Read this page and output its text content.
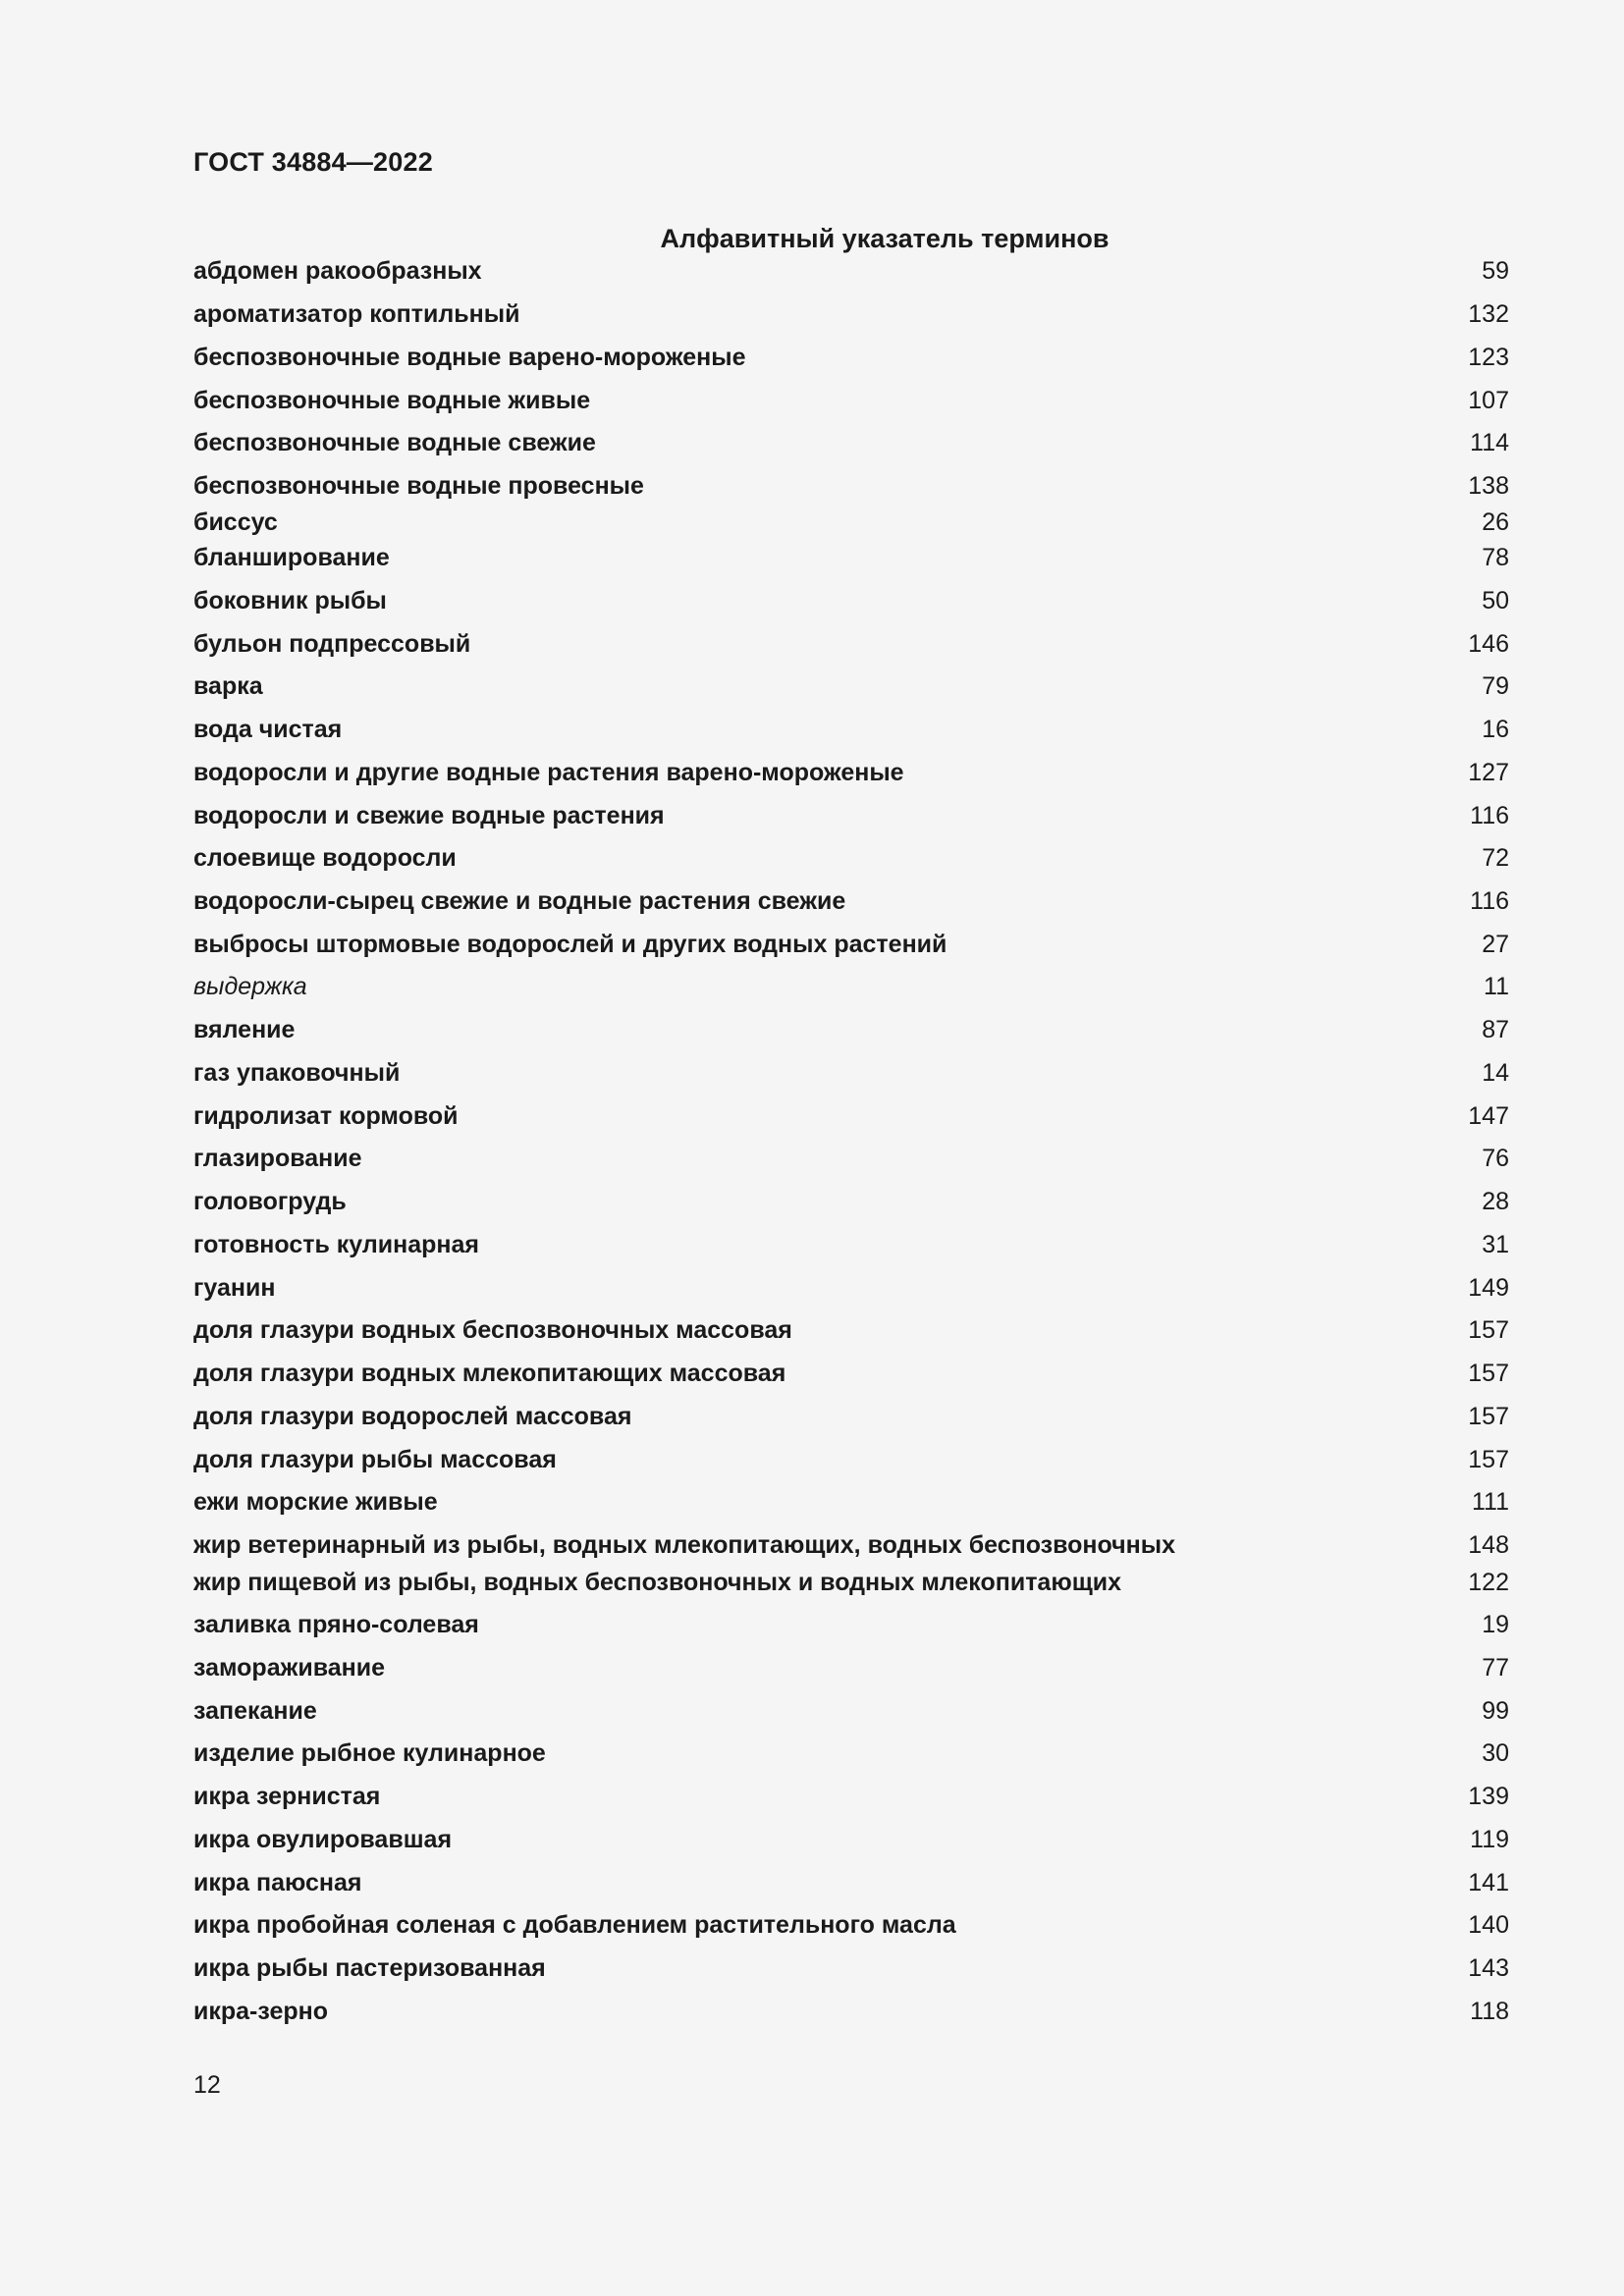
ГОСТ 34884—2022

Алфавитный указатель терминов

абдомен ракообразных	59
ароматизатор коптильный	132
беспозвоночные водные варено-мороженые	123
беспозвоночные водные живые	107
беспозвоночные водные свежие	114
беспозвоночные водные провесные	138
биссус	26
бланширование	78
боковник рыбы	50
бульон подпрессовый	146
варка	79
вода чистая	16
водоросли и другие водные растения варено-мороженые	127
водоросли и свежие водные растения	116
слоевище водоросли	72
водоросли-сырец свежие и водные растения свежие	116
выбросы штормовые водорослей и других водных растений	27
выдержка	11
вяление	87
газ упаковочный	14
гидролизат кормовой	147
глазирование	76
головогрудь	28
готовность кулинарная	31
гуанин	149
доля глазури водных беспозвоночных массовая	157
доля глазури водных млекопитающих массовая	157
доля глазури водорослей массовая	157
доля глазури рыбы массовая	157
ежи морские живые	111
жир ветеринарный из рыбы, водных млекопитающих, водных беспозвоночных	148
жир пищевой из рыбы, водных беспозвоночных и водных млекопитающих	122
заливка пряно-солевая	19
замораживание	77
запекание	99
изделие рыбное кулинарное	30
икра зернистая	139
икра овулировавшая	119
икра паюсная	141
икра пробойная соленая с добавлением растительного масла	140
икра рыбы пастеризованная	143
икра-зерно	118

12
